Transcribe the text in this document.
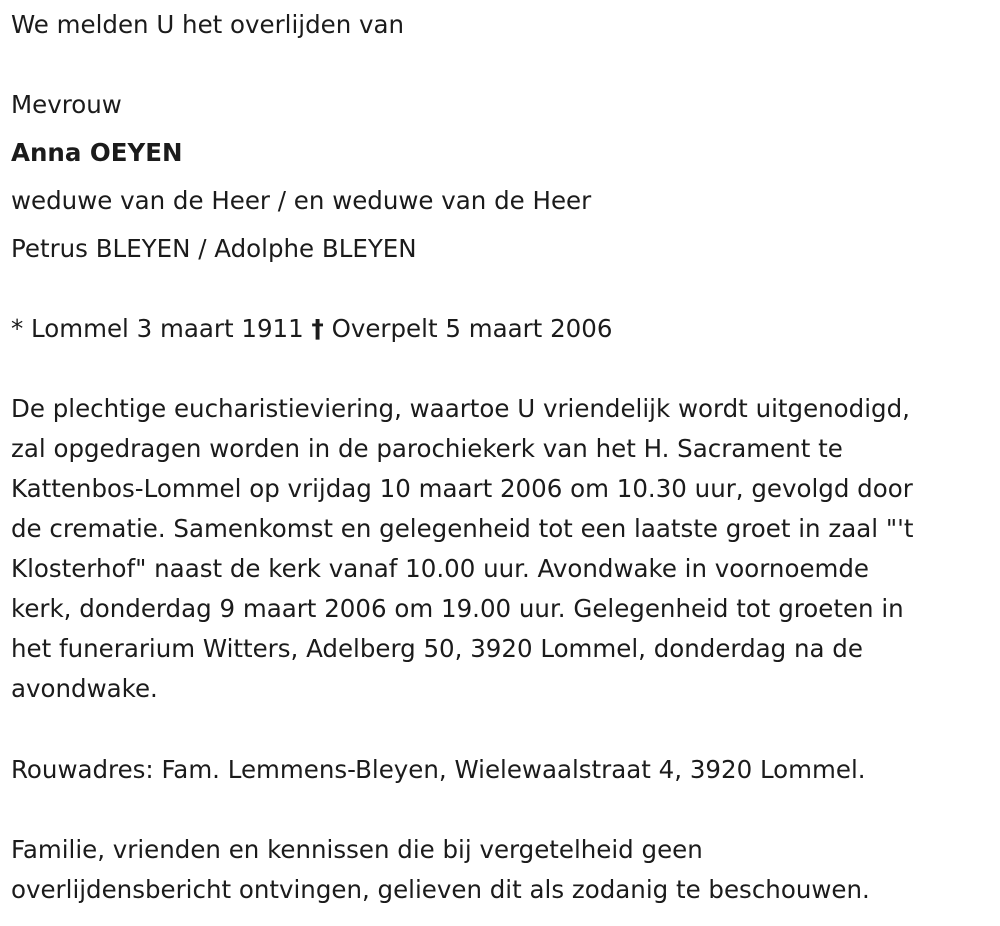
We melden U het overlijden van

Mevrouw

Anna OEYEN

weduwe van de Heer / en weduwe van de Heer

Petrus BLEYEN / Adolphe BLEYEN

* Lommel 3 maart 1911 † Overpelt 5 maart 2006

De plechtige eucharistieviering, waartoe U vriendelijk wordt uitgenodigd,
zal opgedragen worden in de parochiekerk van het H. Sacrament te
Kattenbos-Lommel op vrijdag 10 maart 2006 om 10.30 uur, gevolgd door
de crematie. Samenkomst en gelegenheid tot een laatste groet in zaal "'t
Klosterhof" naast de kerk vanaf 10.00 uur. Avondwake in voornoemde
kerk, donderdag 9 maart 2006 om 19.00 uur. Gelegenheid tot groeten in
het funerarium Witters, Adelberg 50, 3920 Lommel, donderdag na de
avondwake.

Rouwadres: Fam. Lemmens-Bleyen, Wielewaalstraat 4, 3920 Lommel.

Familie, vrienden en kennissen die bij vergetelheid geen
overlijdensbericht ontvingen, gelieven dit als zodanig te beschouwen.
